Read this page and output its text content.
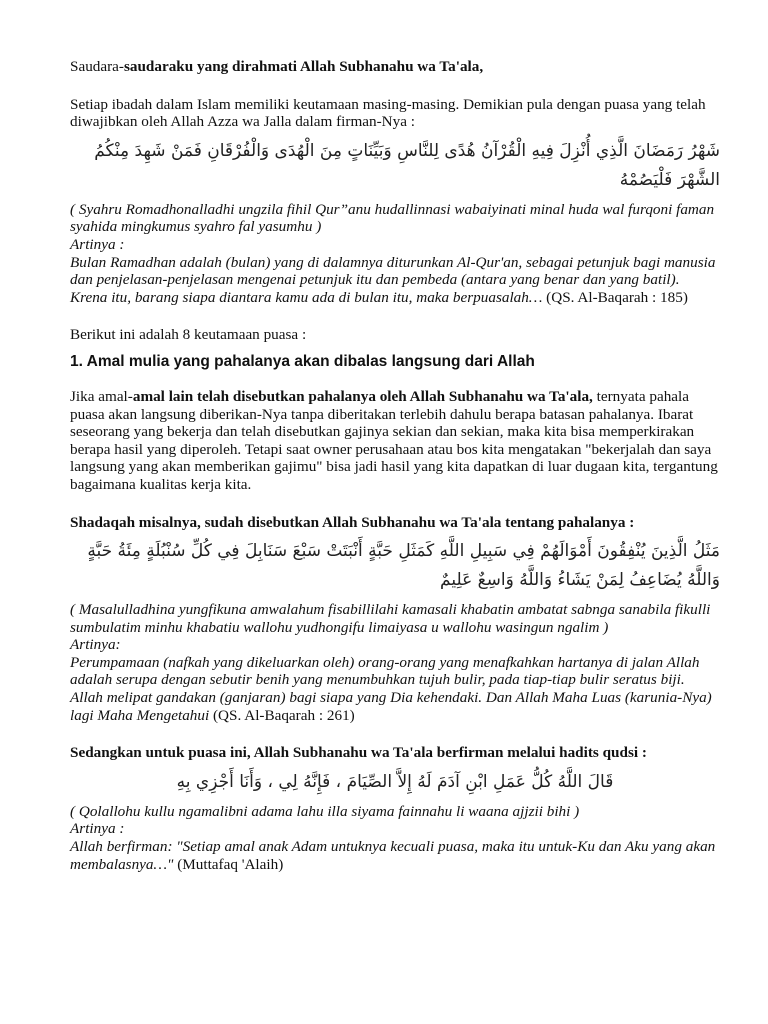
Saudara-saudaraku yang dirahmati Allah Subhanahu wa Ta'ala,

Setiap ibadah dalam Islam memiliki keutamaan masing-masing. Demikian pula dengan puasa yang telah diwajibkan oleh Allah Azza wa Jalla dalam firman-Nya :

شَهْرُ رَمَضَانَ الَّذِي أُنْزِلَ فِيهِ الْقُرْآنُ هُدًى لِلنَّاسِ وَبَيِّنَاتٍ مِنَ الْهُدَى وَالْفُرْقَانِ فَمَنْ شَهِدَ مِنْكُمُ الشَّهْرَ فَلْيَصُمْهُ

( Syahru Romadhonalladhi ungzila fihil Qur”anu hudallinnasi wabaiyinati minal huda wal furqoni faman syahida mingkumus syahro fal yasumhu )

Artinya :

Bulan Ramadhan adalah (bulan) yang di dalamnya diturunkan Al-Qur'an, sebagai petunjuk bagi manusia dan penjelasan-penjelasan mengenai petunjuk itu dan pembeda (antara yang benar dan yang batil). Krena itu, barang siapa diantara kamu ada di bulan itu, maka berpuasalah… (QS. Al-Baqarah : 185)

Berikut ini adalah 8 keutamaan puasa :

1. Amal mulia yang pahalanya akan dibalas langsung dari Allah

Jika amal-amal lain telah disebutkan pahalanya oleh Allah Subhanahu wa Ta'ala, ternyata pahala puasa akan langsung diberikan-Nya tanpa diberitakan terlebih dahulu berapa batasan pahalanya. Ibarat seseorang yang bekerja dan telah disebutkan gajinya sekian dan sekian, maka kita bisa memperkirakan berapa hasil yang diperoleh. Tetapi saat owner perusahaan atau bos kita mengatakan "bekerjalah dan saya langsung yang akan memberikan gajimu" bisa jadi hasil yang kita dapatkan di luar dugaan kita, tergantung bagaimana kualitas kerja kita.

Shadaqah misalnya, sudah disebutkan Allah Subhanahu wa Ta'ala tentang pahalanya :

مَثَلُ الَّذِينَ يُنْفِقُونَ أَمْوَالَهُمْ فِي سَبِيلِ اللَّهِ كَمَثَلِ حَبَّةٍ أَنْبَتَتْ سَبْعَ سَنَابِلَ فِي كُلِّ سُنْبُلَةٍ مِئَةُ حَبَّةٍ وَاللَّهُ يُضَاعِفُ لِمَنْ يَشَاءُ وَاللَّهُ وَاسِعٌ عَلِيمٌ

( Masalulladhina yungfikuna amwalahum fisabillilahi kamasali khabatin ambatat sabnga sanabila fikulli sumbulatim minhu khabatiu wallohu yudhongifu limaiyasa u wallohu wasingun ngalim )

Artinya:

Perumpamaan (nafkah yang dikeluarkan oleh) orang-orang yang menafkahkan hartanya di jalan Allah adalah serupa dengan sebutir benih yang menumbuhkan tujuh bulir, pada tiap-tiap bulir seratus biji. Allah melipat gandakan (ganjaran) bagi siapa yang Dia kehendaki. Dan Allah Maha Luas (karunia-Nya) lagi Maha Mengetahui (QS. Al-Baqarah : 261)

Sedangkan untuk puasa ini, Allah Subhanahu wa Ta'ala berfirman melalui hadits qudsi :

قَالَ اللَّهُ كُلُّ عَمَلِ ابْنِ آدَمَ لَهُ إِلاَّ الصِّيَامَ ، فَإِنَّهُ لِي ، وَأَنَا أَجْزِي بِهِ

( Qolallohu kullu ngamalibni adama lahu illa siyama fainnahu li waana ajjzii bihi )

Artinya :

Allah berfirman: "Setiap amal anak Adam untuknya kecuali puasa, maka itu untuk-Ku dan Aku yang akan membalasnya…" (Muttafaq 'Alaih)
